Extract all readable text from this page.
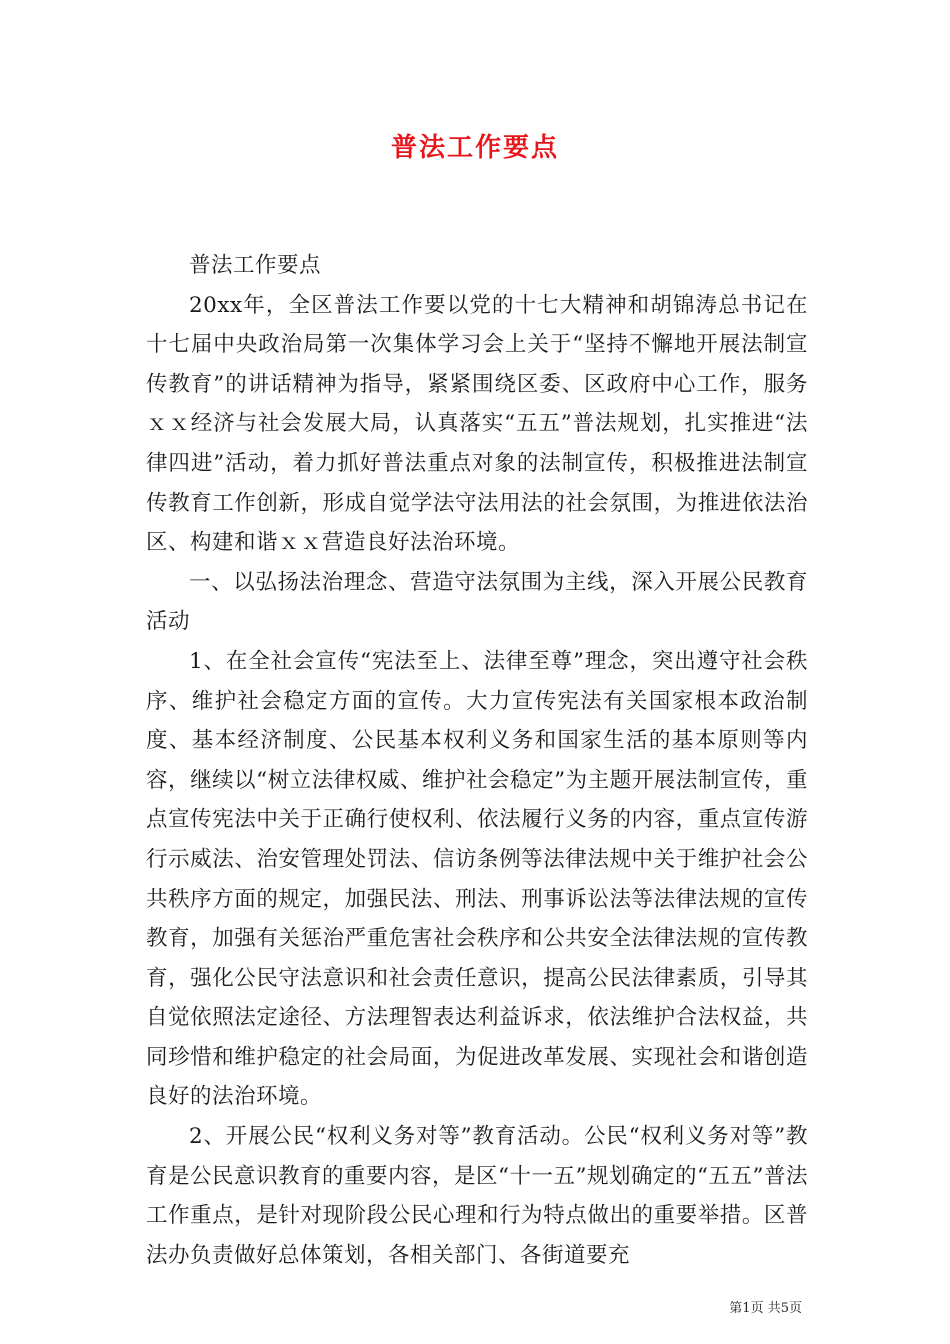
普法工作要点

普法工作要点

20xx年，全区普法工作要以党的十七大精神和胡锦涛总书记在十七届中央政治局第一次集体学习会上关于“坚持不懈地开展法制宣传教育”的讲话精神为指导，紧紧围绕区委、区政府中心工作，服务ｘｘ经济与社会发展大局，认真落实“五五”普法规划，扎实推进“法律四进”活动，着力抓好普法重点对象的法制宣传，积极推进法制宣传教育工作创新，形成自觉学法守法用法的社会氛围，为推进依法治区、构建和谐ｘｘ营造良好法治环境。

一、以弘扬法治理念、营造守法氛围为主线，深入开展公民教育活动

1、在全社会宣传“宪法至上、法律至尊”理念，突出遵守社会秩序、维护社会稳定方面的宣传。大力宣传宪法有关国家根本政治制度、基本经济制度、公民基本权利义务和国家生活的基本原则等内容，继续以“树立法律权威、维护社会稳定”为主题开展法制宣传，重点宣传宪法中关于正确行使权利、依法履行义务的内容，重点宣传游行示威法、治安管理处罚法、信访条例等法律法规中关于维护社会公共秩序方面的规定，加强民法、刑法、刑事诉讼法等法律法规的宣传教育，加强有关惩治严重危害社会秩序和公共安全法律法规的宣传教育，强化公民守法意识和社会责任意识，提高公民法律素质，引导其自觉依照法定途径、方法理智表达利益诉求，依法维护合法权益，共同珍惜和维护稳定的社会局面，为促进改革发展、实现社会和谐创造良好的法治环境。

2、开展公民“权利义务对等”教育活动。公民“权利义务对等”教育是公民意识教育的重要内容，是区“十一五”规划确定的“五五”普法工作重点，是针对现阶段公民心理和行为特点做出的重要举措。区普法办负责做好总体策划，各相关部门、各街道要充

第1页 共5页
